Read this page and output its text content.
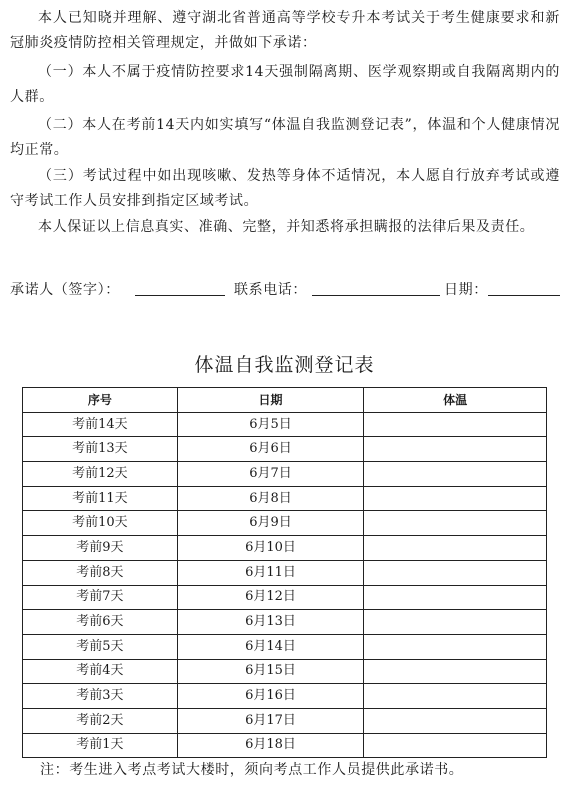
本人已知晓并理解、遵守湖北省普通高等学校专升本考试关于考生健康要求和新冠肺炎疫情防控相关管理规定，并做如下承诺：

（一）本人不属于疫情防控要求14天强制隔离期、医学观察期或自我隔离期内的人群。

（二）本人在考前14天内如实填写“体温自我监测登记表”，体温和个人健康情况均正常。

（三）考试过程中如出现咳嗽、发热等身体不适情况，本人愿自行放弃考试或遵守考试工作人员安排到指定区域考试。

本人保证以上信息真实、准确、完整，并知悉将承担瞒报的法律后果及责任。

承诺人（签字）：	联系电话：	日期：
体温自我监测登记表
序号	日期	体温
考前14天	6月5日	
考前13天	6月6日	
考前12天	6月7日	
考前11天	6月8日	
考前10天	6月9日	
考前9天	6月10日	
考前8天	6月11日	
考前7天	6月12日	
考前6天	6月13日	
考前5天	6月14日	
考前4天	6月15日	
考前3天	6月16日	
考前2天	6月17日	
考前1天	6月18日	
注：考生进入考点考试大楼时，须向考点工作人员提供此承诺书。
